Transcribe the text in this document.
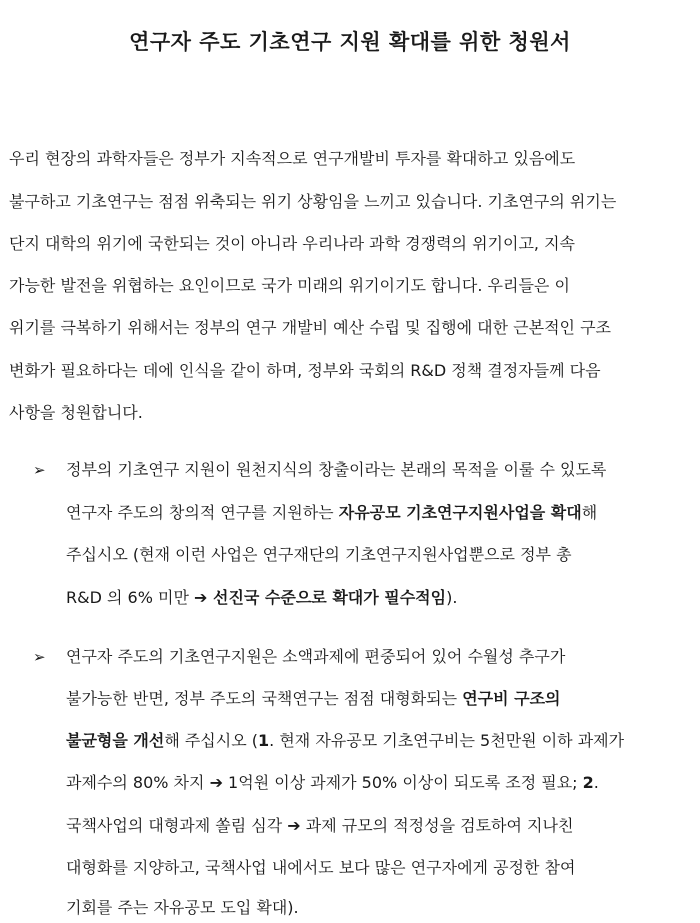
연구자 주도 기초연구 지원 확대를 위한 청원서
우리 현장의 과학자들은 정부가 지속적으로 연구개발비 투자를 확대하고 있음에도
불구하고 기초연구는 점점 위축되는 위기 상황임을 느끼고 있습니다. 기초연구의 위기는
단지 대학의 위기에 국한되는 것이 아니라 우리나라 과학 경쟁력의 위기이고, 지속
가능한 발전을 위협하는 요인이므로 국가 미래의 위기이기도 합니다. 우리들은 이
위기를 극복하기 위해서는 정부의 연구 개발비 예산 수립 및 집행에 대한 근본적인 구조
변화가 필요하다는 데에 인식을 같이 하며, 정부와 국회의 R&D 정책 결정자들께 다음
사항을 청원합니다.
➢	정부의 기초연구 지원이 원천지식의 창출이라는 본래의 목적을 이룰 수 있도록
연구자 주도의 창의적 연구를 지원하는 자유공모 기초연구지원사업을 확대해
주십시오 (현재 이런 사업은 연구재단의 기초연구지원사업뿐으로 정부 총
R&D 의 6% 미만 ➔ 선진국 수준으로 확대가 필수적임).
➢	연구자 주도의 기초연구지원은 소액과제에 편중되어 있어 수월성 추구가
불가능한 반면, 정부 주도의 국책연구는 점점 대형화되는 연구비 구조의
불균형을 개선해 주십시오 (1. 현재 자유공모 기초연구비는 5천만원 이하 과제가
과제수의 80% 차지 ➔ 1억원 이상 과제가 50% 이상이 되도록 조정 필요; 2.
국책사업의 대형과제 쏠림 심각 ➔ 과제 규모의 적정성을 검토하여 지나친
대형화를 지양하고, 국책사업 내에서도 보다 많은 연구자에게 공정한 참여
기회를 주는 자유공모 도입 확대).
